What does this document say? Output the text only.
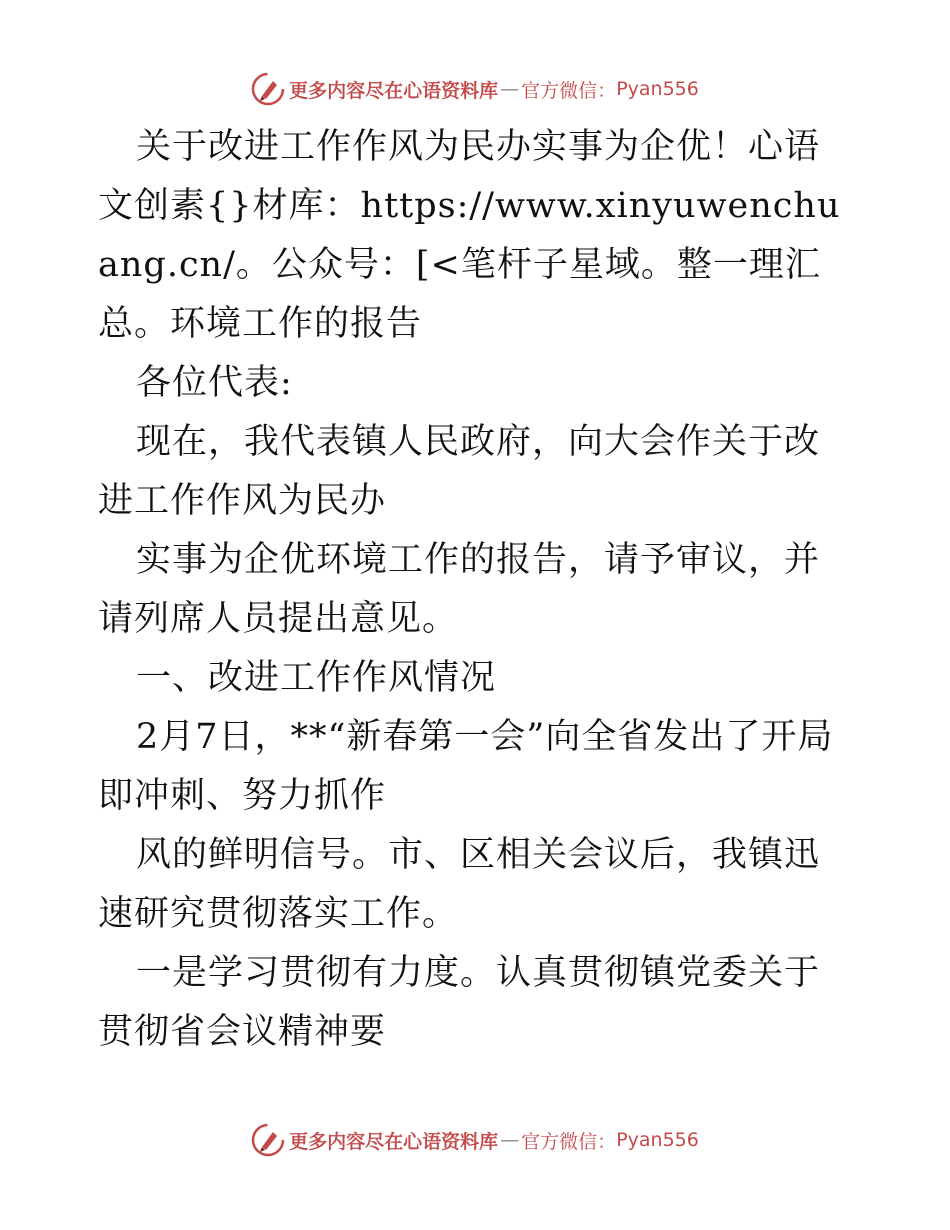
更多内容尽在心语资料库 — 官方微信： Pyan556

关于改进工作作风为民办实事为企优！心语文创素{}材库：https://www.xinyuwenchuang.cn/。公众号：[<笔杆子星域。整一理汇总。环境工作的报告

各位代表:

现在，我代表镇人民政府，向大会作关于改进工作作风为民办

实事为企优环境工作的报告，请予审议，并请列席人员提出意见。

一、改进工作作风情况

2月7日，**“新春第一会”向全省发出了开局即冲刺、努力抓作

风的鲜明信号。市、区相关会议后，我镇迅速研究贯彻落实工作。

一是学习贯彻有力度。认真贯彻镇党委关于贯彻省会议精神要

更多内容尽在心语资料库 — 官方微信： Pyan556
